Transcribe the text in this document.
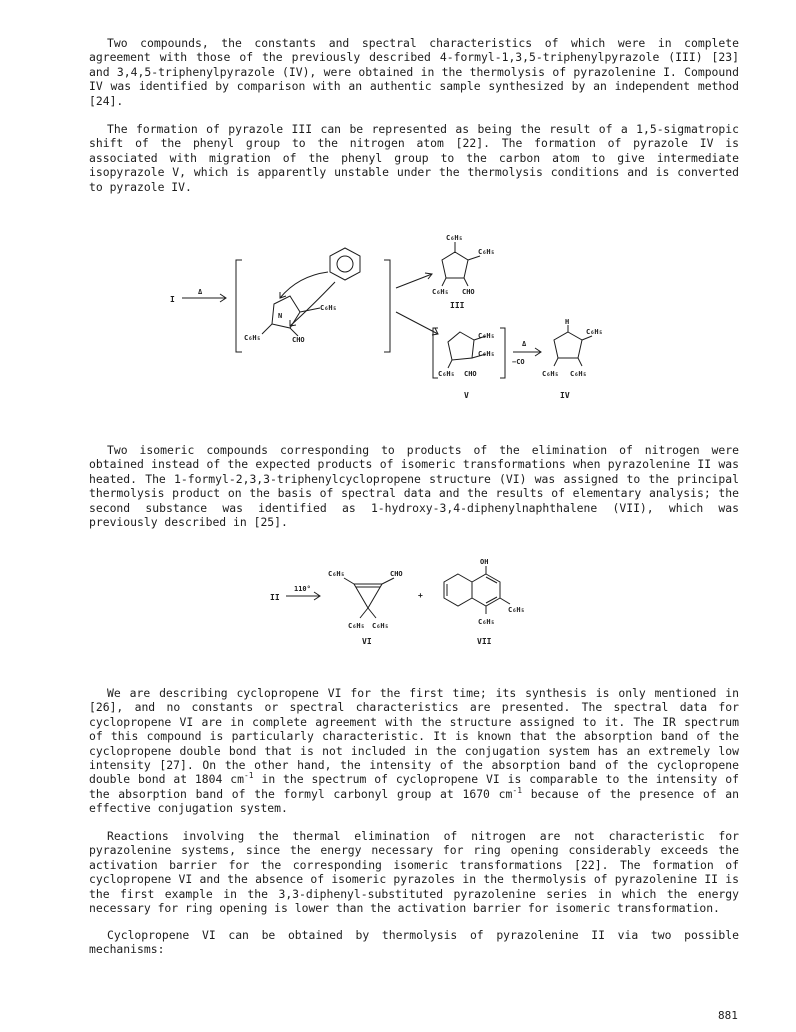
Two compounds, the constants and spectral characteristics of which were in complete agreement with those of the previously described 4-formyl-1,3,5-triphenylpyrazole (III) [23] and 3,4,5-triphenylpyrazole (IV), were obtained in the thermolysis of pyrazolenine I. Compound IV was identified by comparison with an authentic sample synthesized by an independent method [24].

The formation of pyrazole III can be represented as being the result of a 1,5-sigmatropic shift of the phenyl group to the nitrogen atom [22]. The formation of pyrazole IV is associated with migration of the phenyl group to the carbon atom to give intermediate isopyrazole V, which is apparently unstable under the thermolysis conditions and is converted to pyrazole IV.

I
Δ
C₆H₅
C₆H₅	CHO
N
C₆H₅
C₆H₅
C₆H₅ CHO
III
C₆H₅
C₆H₅
C₆H₅ CHO
V
Δ
−CO
H
C₆H₅
C₆H₅ C₆H₅
IV

Two isomeric compounds corresponding to products of the elimination of nitrogen were obtained instead of the expected products of isomeric transformations when pyrazolenine II was heated. The 1-formyl-2,3,3-triphenylcyclopropene structure (VI) was assigned to the principal thermolysis product on the basis of spectral data and the results of elementary analysis; the second substance was identified as 1-hydroxy-3,4-diphenylnaphthalene (VII), which was previously described in [25].

II
110°
C₆H₅	CHO
C₆H₅ C₆H₅
VI
+
OH
C₆H₅
C₆H₅
VII

We are describing cyclopropene VI for the first time; its synthesis is only mentioned in [26], and no constants or spectral characteristics are presented. The spectral data for cyclopropene VI are in complete agreement with the structure assigned to it. The IR spectrum of this compound is particularly characteristic. It is known that the absorption band of the cyclopropene double bond that is not included in the conjugation system has an extremely low intensity [27]. On the other hand, the intensity of the absorption band of the cyclopropene double bond at 1804 $cm^{-1}$ in the spectrum of cyclopropene VI is comparable to the intensity of the absorption band of the formyl carbonyl group at 1670 $cm^{-1}$ because of the presence of an effective conjugation system.

Reactions involving the thermal elimination of nitrogen are not characteristic for pyrazolenine systems, since the energy necessary for ring opening considerably exceeds the activation barrier for the corresponding isomeric transformations [22]. The formation of cyclopropene VI and the absence of isomeric pyrazoles in the thermolysis of pyrazolenine II is the first example in the 3,3-diphenyl-substituted pyrazolenine series in which the energy necessary for ring opening is lower than the activation barrier for isomeric transformation.

Cyclopropene VI can be obtained by thermolysis of pyrazolenine II via two possible mechanisms:

881
